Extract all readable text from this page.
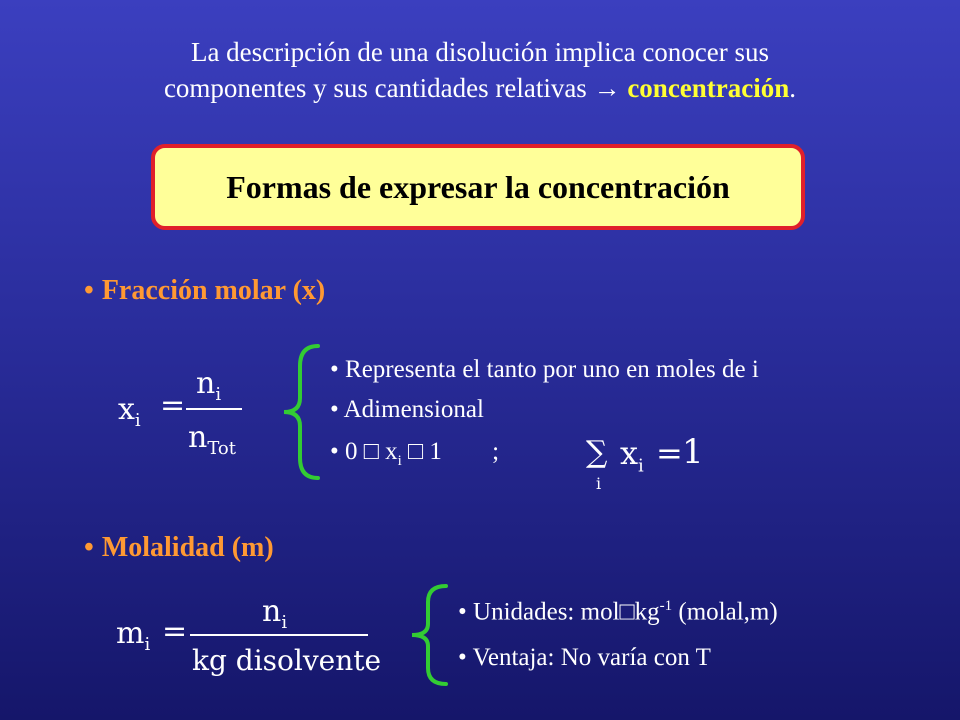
La descripción de una disolución implica conocer sus
componentes y sus cantidades relativas → concentración.
Formas de expresar la concentración
• Fracción molar (x)
$x_i$ =
$n_i$
$n_{Tot}$
• Representa el tanto por uno en moles de i
• Adimensional
• 0 □ $x_i$ □ 1 ;	∑
i
$x_i = 1$
• Molalidad (m)
$m_i$ =
$n_i$
kg disolvente
• Unidades: $mol□kg^{-1}$ (molal,m)
• Ventaja: No varía con T
